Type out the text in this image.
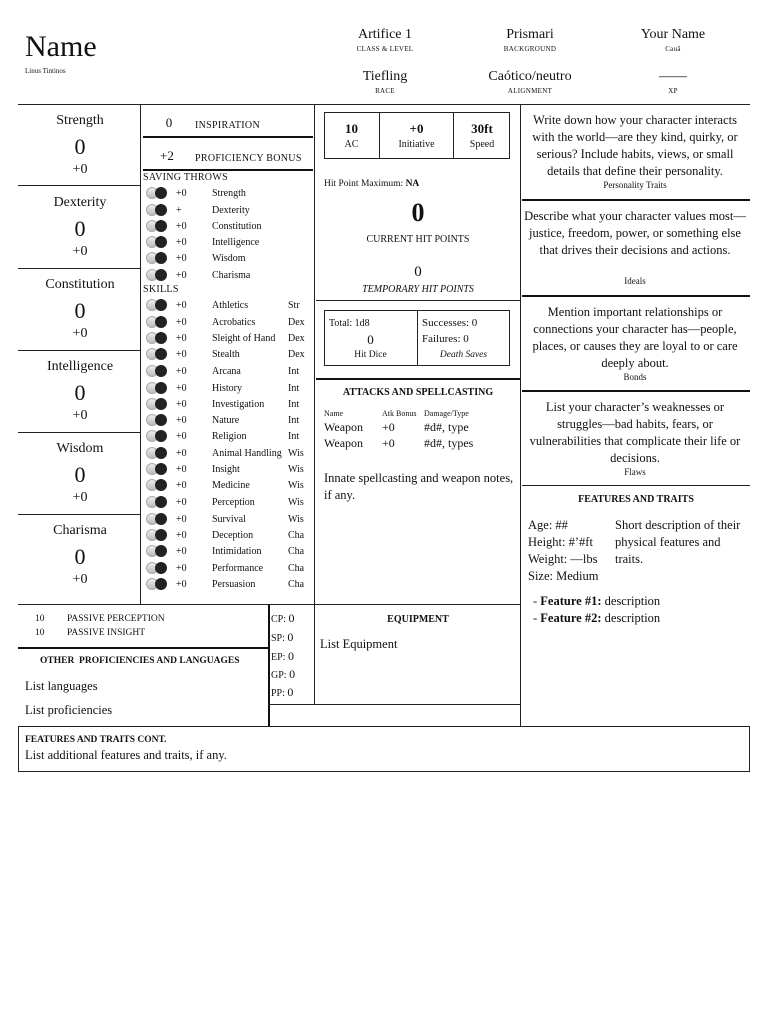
Name
Linus Tintinos
Artifice 1
CLASS & LEVEL
Prismari
BACKGROUND
Your Name
Cauã
Tiefling
RACE
Caótico/neutro
ALIGNMENT
——
XP
Strength
0
+0
Dexterity
0
+0
Constitution
0
+0
Intelligence
0
+0
Wisdom
0
+0
Charisma
0
+0
0	INSPIRATION
+2 PROFICIENCY BONUS
SAVING THROWS
+0	Strength
+	Dexterity
+0	Constitution
+0	Intelligence
+0	Wisdom
+0	Charisma
SKILLS
+0	Athletics	Str
+0	Acrobatics	Dex
+0	Sleight of Hand	Dex
+0	Stealth	Dex
+0	Arcana	Int
+0	History	Int
+0	Investigation	Int
+0	Nature	Int
+0	Religion	Int
+0	Animal Handling Wis
+0	Insight	Wis
+0	Medicine	Wis
+0	Perception	Wis
+0	Survival	Wis
+0	Deception	Cha
+0	Intimidation	Cha
+0	Performance	Cha
+0	Persuasion	Cha
10
AC
+0
Initiative
30ft
Speed
Hit Point Maximum: NA
0
CURRENT HIT POINTS
0
TEMPORARY HIT POINTS
Total: 1d8
0
Hit Dice
Successes: 0
Failures: 0
Death Saves
ATTACKS AND SPELLCASTING
Name	Atk Bonus Damage/Type
Weapon +0 #d#, type
Weapon +0 #d#, types
Innate spellcasting and weapon notes, if any.
Write down how your character interacts with the world—are they kind, quirky, or serious? Include habits, views, or small details that define their personality.
Personality Traits
Describe what your character values most—justice, freedom, power, or something else that drives their decisions and actions.
Ideals
Mention important relationships or connections your character has—people, places, or causes they are loyal to or care deeply about.
Bonds
List your character’s weaknesses or struggles—bad habits, fears, or vulnerabilities that complicate their life or decisions.
Flaws
FEATURES AND TRAITS
Age: ##
Height: #’#ft
Weight: —lbs
Size: Medium
Short description of their physical features and traits.
- Feature #1: description
- Feature #2: description
10 PASSIVE PERCEPTION
10 PASSIVE INSIGHT
OTHER  PROFICIENCIES AND LANGUAGES
List languages
List proficiencies
CP: 0
SP: 0
EP: 0
GP: 0
PP: 0
EQUIPMENT
List Equipment
FEATURES AND TRAITS CONT.
List additional features and traits, if any.
